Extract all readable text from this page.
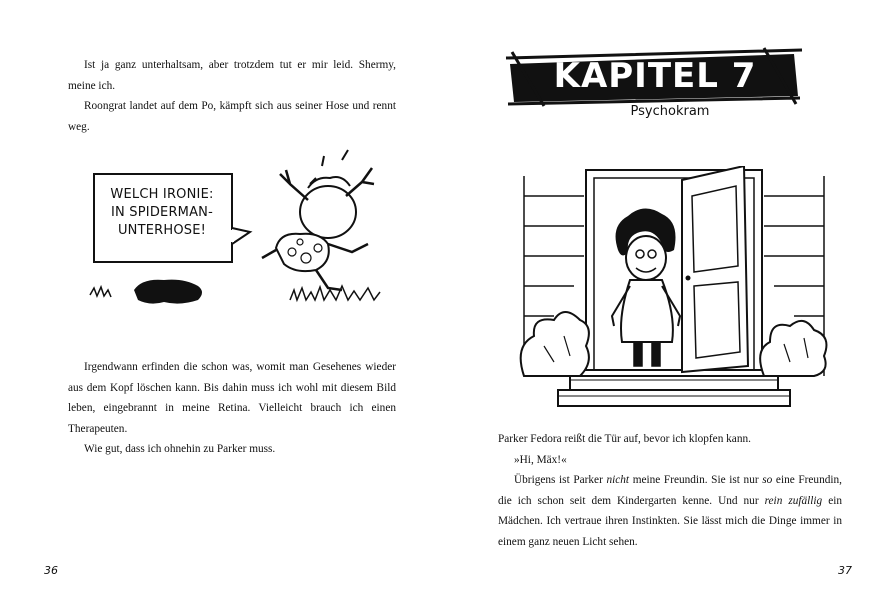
Ist ja ganz unterhaltsam, aber trotzdem tut er mir leid. Shermy, meine ich.

Roongrat landet auf dem Po, kämpft sich aus seiner Hose und rennt weg.

WELCH IRONIE:
IN SPIDERMAN-
UNTERHOSE!

Irgendwann erfinden die schon was, womit man Gesehenes wieder aus dem Kopf löschen kann. Bis dahin muss ich wohl mit diesem Bild leben, eingebrannt in meine Retina. Vielleicht brauch ich einen Therapeuten.

Wie gut, dass ich ohnehin zu Parker muss.

36
KAPITEL 7
Psychokram

Parker Fedora reißt die Tür auf, bevor ich klopfen kann.

»Hi, Mäx!«

Übrigens ist Parker nicht meine Freundin. Sie ist nur so eine Freundin, die ich schon seit dem Kindergarten kenne. Und nur rein zufällig ein Mädchen. Ich vertraue ihren Instinkten. Sie lässt mich die Dinge immer in einem ganz neuen Licht sehen.

37
